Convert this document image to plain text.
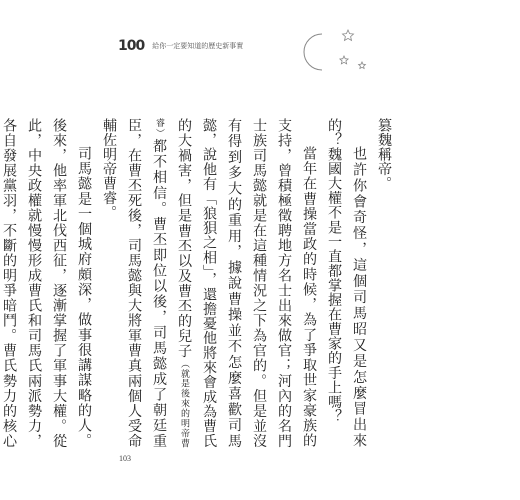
100 給你一定要知道的歷史新事實

篡魏稱帝。

也許你會奇怪，這個司馬昭又是怎麼冒出來的？魏國大權不是一直都掌握在曹家的手上嗎？

當年在曹操當政的時候，為了爭取世家豪族的支持，曾積極徵聘地方名士出來做官；河內的名門士族司馬懿就是在這種情況之下為官的。但是並沒有得到多大的重用，據說曹操並不怎麼喜歡司馬懿，說他有「狼狽之相」，還擔憂他將來會成為曹氏的大禍害，但是曹丕以及曹丕的兒子（就是後來的明帝曹睿）都不相信。曹丕即位以後，司馬懿成了朝廷重臣，在曹丕死後，司馬懿與大將軍曹真兩個人受命輔佐明帝曹睿。

司馬懿是一個城府頗深，做事很講謀略的人。後來，他率軍北伐西征，逐漸掌握了軍事大權。從此，中央政權就慢慢形成曹氏和司馬氏兩派勢力，各自發展黨羽，不斷的明爭暗鬥。曹氏勢力的核心

103
